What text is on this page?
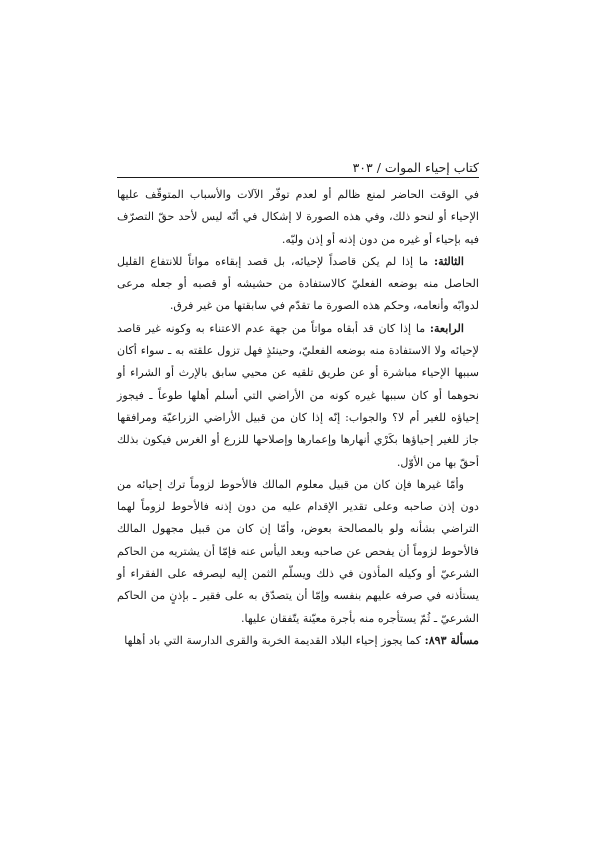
كتاب إحياء الموات / ٣٠٣

في الوقت الحاضر لمنع ظالم أو لعدم توفّر الآلات والأسباب المتوقّف عليها الإحياء أو لنحو ذلك، وفي هذه الصورة لا إشكال في أنّه ليس لأحد حقّ التصرّف فيه بإحياء أو غيره من دون إذنه أو إذن وليّه.

الثالثة: ما إذا لم يكن قاصداً لإحيائه، بل قصد إبقاءه مواتاً للانتفاع القليل الحاصل منه بوضعه الفعليّ كالاستفادة من حشيشه أو قصبه أو جعله مرعى لدوابّه وأنعامه، وحكم هذه الصورة ما تقدّم في سابقتها من غير فرق.

الرابعة: ما إذا كان قد أبقاه مواتاً من جهة عدم الاعتناء به وكونه غير قاصد لإحيائه ولا الاستفادة منه بوضعه الفعليّ، وحينئذٍ فهل تزول علقته به ـ سواء أكان سببها الإحياء مباشرة أو عن طريق تلقيه عن محيي سابق بالإرث أو الشراء أو نحوهما أو كان سببها غيره كونه من الأراضي التي أسلم أهلها طوعاً ـ فيجوز إحياؤه للغير أم لا؟ والجواب: إنّه إذا كان من قبيل الأراضي الزراعيّة ومرافقها جاز للغير إحياؤها بكَرْي أنهارها وإعمارها وإصلاحها للزرع أو الغرس فيكون بذلك أحقّ بها من الأوّل.

وأمّا غيرها فإن كان من قبيل معلوم المالك فالأحوط لزوماً ترك إحيائه من دون إذن صاحبه وعلى تقدير الإقدام عليه من دون إذنه فالأحوط لزوماً لهما التراضي بشأنه ولو بالمصالحة بعوض، وأمّا إن كان من قبيل مجهول المالك فالأحوط لزوماً أن يفحص عن صاحبه وبعد اليأس عنه فإمّا أن يشتريه من الحاكم الشرعيّ أو وكيله المأذون في ذلك ويسلّم الثمن إليه ليصرفه على الفقراء أو يستأذنه في صرفه عليهم بنفسه وإمّا أن يتصدّق به على فقير ـ بإذنٍ من الحاكم الشرعيّ ـ ثُمّ يستأجره منه بأجرة معيّنة يتّفقان عليها.

مسألة ٨٩٣: كما يجوز إحياء البلاد القديمة الخربة والقرى الدارسة التي باد أهلها
